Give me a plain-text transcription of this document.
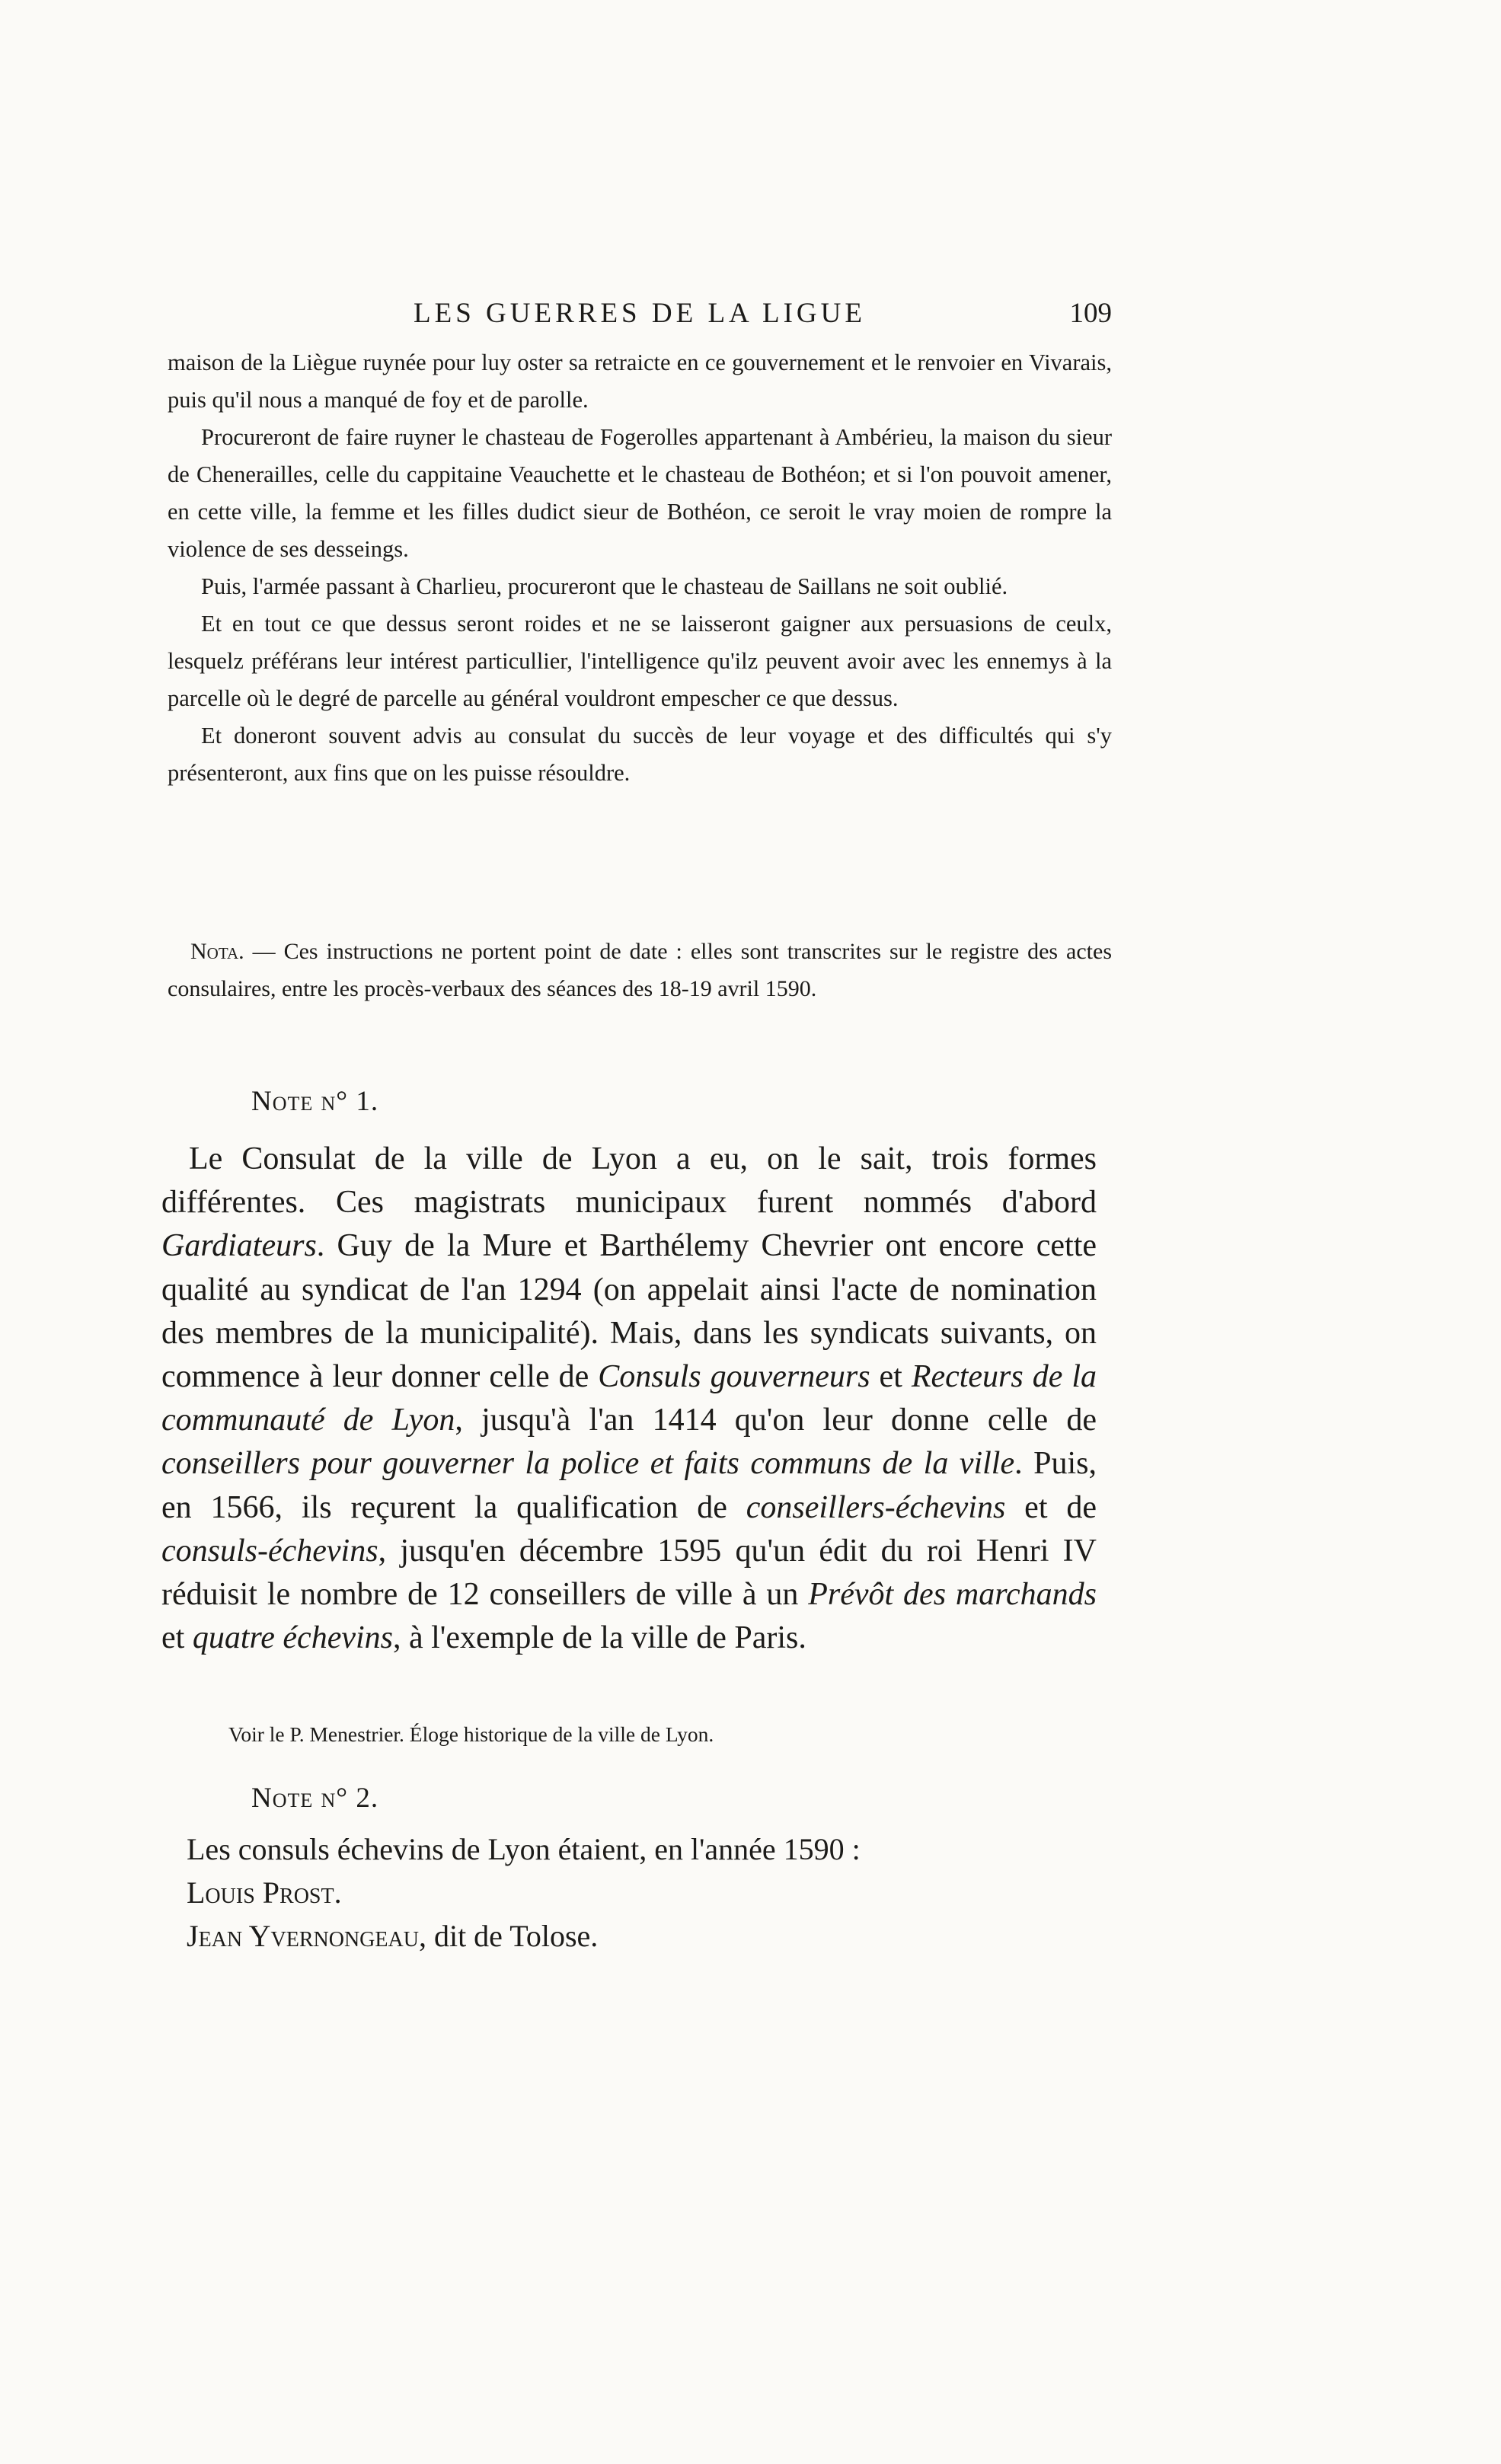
LES GUERRES DE LA LIGUE	109

maison de la Liègue ruynée pour luy oster sa retraicte en ce gouvernement et le renvoier en Vivarais, puis qu'il nous a manqué de foy et de parolle.

Procureront de faire ruyner le chasteau de Fogerolles appartenant à Ambérieu, la maison du sieur de Chenerailles, celle du cappitaine Veauchette et le chasteau de Bothéon; et si l'on pouvoit amener, en cette ville, la femme et les filles dudict sieur de Bothéon, ce seroit le vray moien de rompre la violence de ses desseings.

Puis, l'armée passant à Charlieu, procureront que le chasteau de Saillans ne soit oublié.

Et en tout ce que dessus seront roides et ne se laisseront gaigner aux persuasions de ceulx, lesquelz préférans leur intérest particullier, l'intelligence qu'ilz peuvent avoir avec les ennemys à la parcelle où le degré de parcelle au général vouldront empescher ce que dessus.

Et doneront souvent advis au consulat du succès de leur voyage et des difficultés qui s'y présenteront, aux fins que on les puisse résouldre.

Nota. — Ces instructions ne portent point de date : elles sont transcrites sur le registre des actes consulaires, entre les procès-verbaux des séances des 18-19 avril 1590.

Note n° 1.

Le Consulat de la ville de Lyon a eu, on le sait, trois formes différentes. Ces magistrats municipaux furent nommés d'abord Gardiateurs. Guy de la Mure et Barthélemy Chevrier ont encore cette qualité au syndicat de l'an 1294 (on appelait ainsi l'acte de nomination des membres de la municipalité). Mais, dans les syndicats suivants, on commence à leur donner celle de Consuls gouverneurs et Recteurs de la communauté de Lyon, jusqu'à l'an 1414 qu'on leur donne celle de conseillers pour gouverner la police et faits communs de la ville. Puis, en 1566, ils reçurent la qualification de conseillers-échevins et de consuls-échevins, jusqu'en décembre 1595 qu'un édit du roi Henri IV réduisit le nombre de 12 conseillers de ville à un Prévôt des marchands et quatre échevins, à l'exemple de la ville de Paris.

Voir le P. Menestrier. Éloge historique de la ville de Lyon.
Note n° 2.
Les consuls échevins de Lyon étaient, en l'année 1590 :
Louis Prost.
Jean Yvernongeau, dit de Tolose.
